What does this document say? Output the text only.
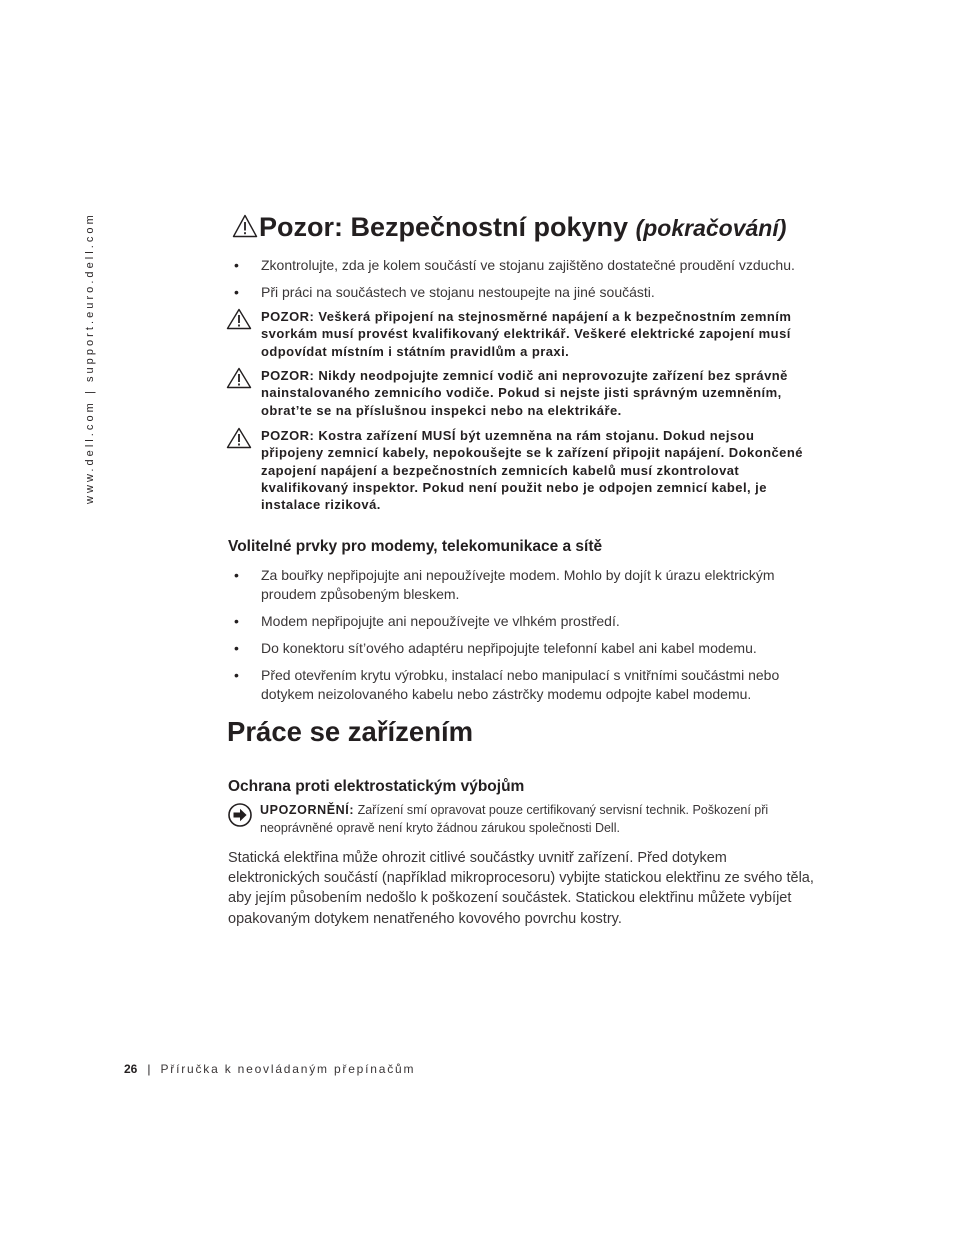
www.dell.com | support.euro.dell.com	Pozor: Bezpečnostní pokyny (pokračování)
• Zkontrolujte, zda je kolem součástí ve stojanu zajištěno dostatečné proudění vzduchu.
• Při práci na součástech ve stojanu nestoupejte na jiné součásti.

POZOR: Veškerá připojení na stejnosměrné napájení a k bezpečnostním zemním svorkám musí provést kvalifikovaný elektrikář. Veškeré elektrické zapojení musí odpovídat místním i státním pravidlům a praxi.

POZOR: Nikdy neodpojujte zemnicí vodič ani neprovozujte zařízení bez správně nainstalovaného zemnicího vodiče. Pokud si nejste jisti správným uzemněním, obrat’te se na příslušnou inspekci nebo na elektrikáře.

POZOR: Kostra zařízení MUSÍ být uzemněna na rám stojanu. Dokud nejsou připojeny zemnicí kabely, nepokoušejte se k zařízení připojit napájení. Dokončené zapojení napájení a bezpečnostních zemnicích kabelů musí zkontrolovat kvalifikovaný inspektor. Pokud není použit nebo je odpojen zemnicí kabel, je instalace riziková.

Volitelné prvky pro modemy, telekomunikace a sítě
• Za bouřky nepřipojujte ani nepoužívejte modem. Mohlo by dojít k úrazu elektrickým proudem způsobeným bleskem.
• Modem nepřipojujte ani nepoužívejte ve vlhkém prostředí.
• Do konektoru sít’ového adaptéru nepřipojujte telefonní kabel ani kabel modemu.
• Před otevřením krytu výrobku, instalací nebo manipulací s vnitřními součástmi nebo dotykem neizolovaného kabelu nebo zástrčky modemu odpojte kabel modemu.
Práce se zařízením
Ochrana proti elektrostatickým výbojům

UPOZORNĚNÍ: Zařízení smí opravovat pouze certifikovaný servisní technik. Poškození při neoprávněné opravě není kryto žádnou zárukou společnosti Dell.

Statická elektřina může ohrozit citlivé součástky uvnitř zařízení. Před dotykem elektronických součástí (například mikroprocesoru) vybijte statickou elektřinu ze svého těla, aby jejím působením nedošlo k poškození součástek. Statickou elektřinu můžete vybíjet opakovaným dotykem nenatřeného kovového povrchu kostry.

26 | Příručka k neovládaným přepínačům
